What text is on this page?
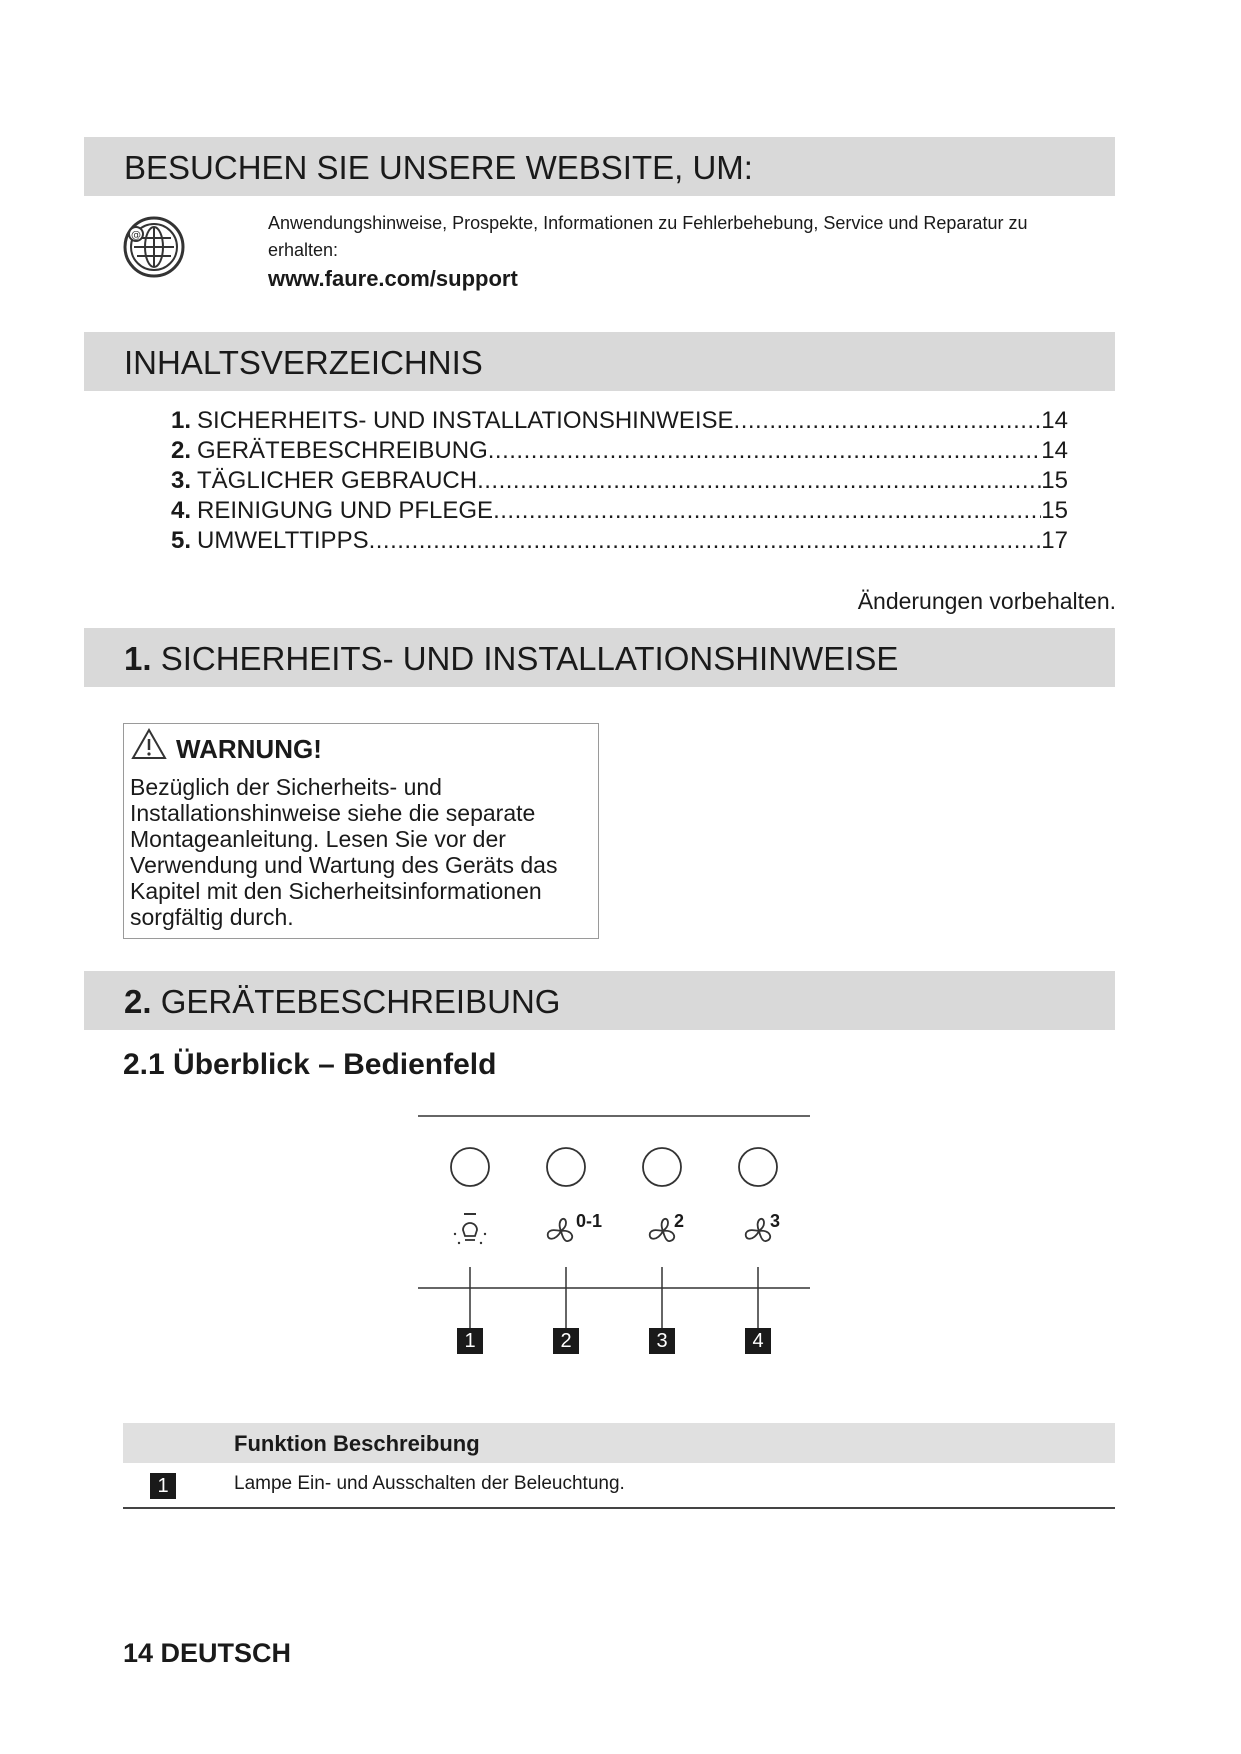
BESUCHEN SIE UNSERE WEBSITE, UM:
@
Anwendungshinweise, Prospekte, Informationen zu Fehlerbehebung, Service und Reparatur zu erhalten:
www.faure.com/support
INHALTSVERZEICHNIS
1. SICHERHEITS- UND INSTALLATIONSHINWEISE .....	14
2. GERÄTEBESCHREIBUNG .....	14
3. TÄGLICHER GEBRAUCH .....	15
4. REINIGUNG UND PFLEGE .....	15
5. UMWELTTIPPS .....	17
Änderungen vorbehalten.
1. SICHERHEITS- UND INSTALLATIONSHINWEISE
WARNUNG!
Bezüglich der Sicherheits- und Installationshinweise siehe die separate Montageanleitung. Lesen Sie vor der Verwendung und Wartung des Geräts das Kapitel mit den Sicherheitsinformationen sorgfältig durch.
2. GERÄTEBESCHREIBUNG
2.1 Überblick – Bedienfeld
0-1	2	3
1	2	3	4
Funktion Beschreibung
1	Lampe Ein- und Ausschalten der Beleuchtung.
14 DEUTSCH
